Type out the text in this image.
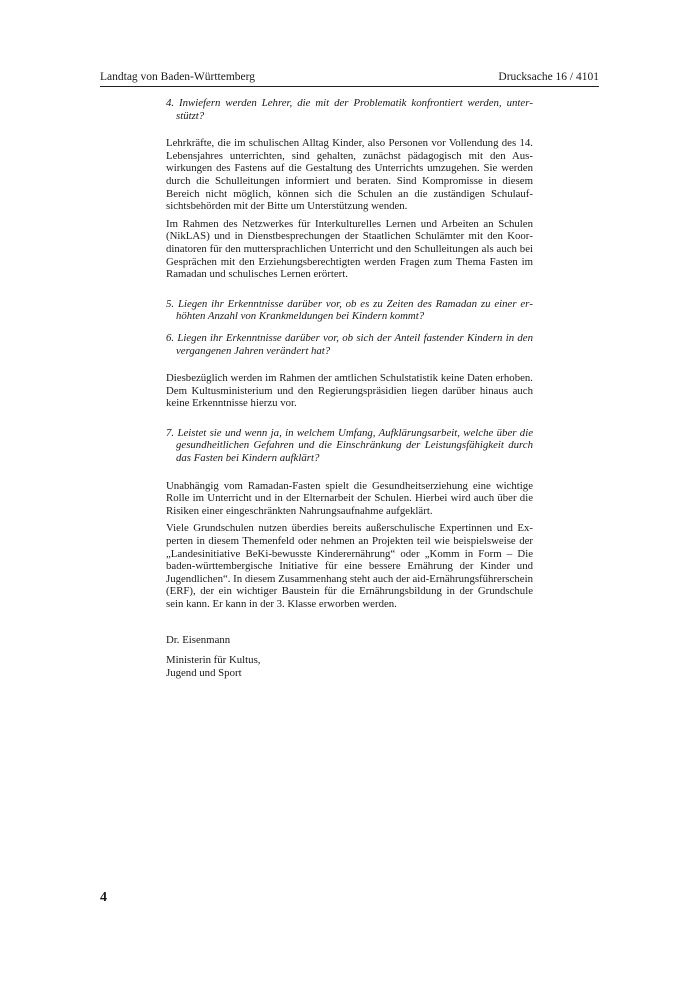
Landtag von Baden-Württemberg	Drucksache 16 / 4101

4. Inwiefern werden Lehrer, die mit der Problematik konfrontiert werden, unterstützt?

Lehrkräfte, die im schulischen Alltag Kinder, also Personen vor Vollendung des 14. Lebensjahres unterrichten, sind gehalten, zunächst pädagogisch mit den Auswirkungen des Fastens auf die Gestaltung des Unterrichts umzugehen. Sie werden durch die Schulleitungen informiert und beraten. Sind Kompromisse in diesem Bereich nicht möglich, können sich die Schulen an die zuständigen Schulaufsichtsbehörden mit der Bitte um Unterstützung wenden.

Im Rahmen des Netzwerkes für Interkulturelles Lernen und Arbeiten an Schulen (NikLAS) und in Dienstbesprechungen der Staatlichen Schulämter mit den Koordinatoren für den muttersprachlichen Unterricht und den Schulleitungen als auch bei Gesprächen mit den Erziehungsberechtigten werden Fragen zum Thema Fasten im Ramadan und schulisches Lernen erörtert.

5. Liegen ihr Erkenntnisse darüber vor, ob es zu Zeiten des Ramadan zu einer erhöhten Anzahl von Krankmeldungen bei Kindern kommt?

6. Liegen ihr Erkenntnisse darüber vor, ob sich der Anteil fastender Kindern in den vergangenen Jahren verändert hat?

Diesbezüglich werden im Rahmen der amtlichen Schulstatistik keine Daten erhoben. Dem Kultusministerium und den Regierungspräsidien liegen darüber hinaus auch keine Erkenntnisse hierzu vor.

7. Leistet sie und wenn ja, in welchem Umfang, Aufklärungsarbeit, welche über die gesundheitlichen Gefahren und die Einschränkung der Leistungsfähigkeit durch das Fasten bei Kindern aufklärt?

Unabhängig vom Ramadan-Fasten spielt die Gesundheitserziehung eine wichtige Rolle im Unterricht und in der Elternarbeit der Schulen. Hierbei wird auch über die Risiken einer eingeschränkten Nahrungsaufnahme aufgeklärt.

Viele Grundschulen nutzen überdies bereits außerschulische Expertinnen und Experten in diesem Themenfeld oder nehmen an Projekten teil wie beispielsweise der „Landesinitiative BeKi-bewusste Kinderernährung“ oder „Komm in Form – Die baden-württembergische Initiative für eine bessere Ernährung der Kinder und Jugendlichen“. In diesem Zusammenhang steht auch der aid-Ernährungsführerschein (ERF), der ein wichtiger Baustein für die Ernährungsbildung in der Grundschule sein kann. Er kann in der 3. Klasse erworben werden.

Dr. Eisenmann

Ministerin für Kultus,

Jugend und Sport

4
